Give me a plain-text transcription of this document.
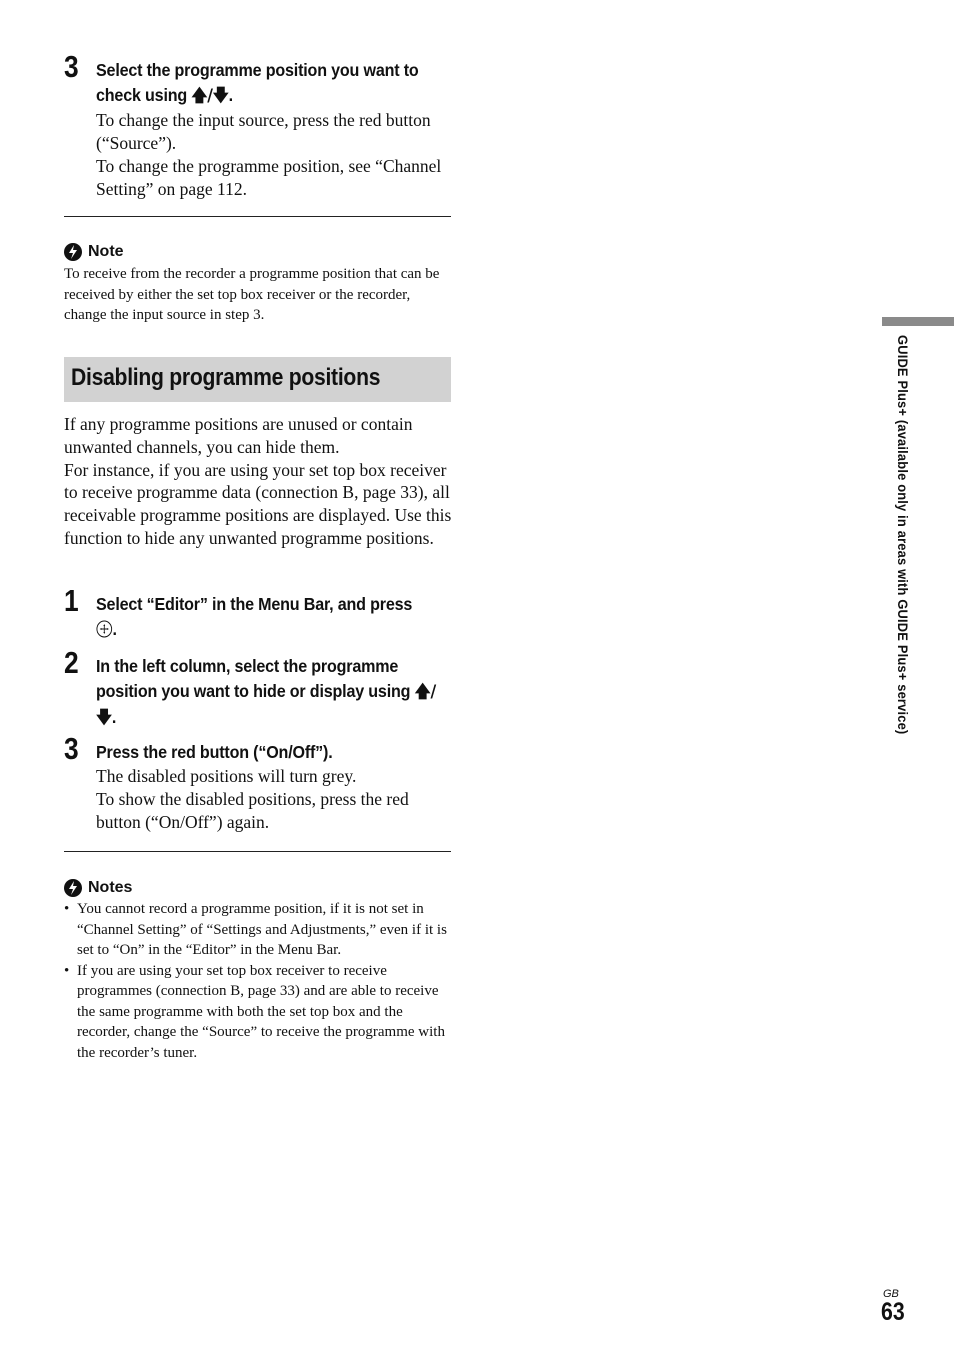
3 Select the programme position you want to check using 🡅/🡇.
To change the input source, press the red button (“Source”).
To change the programme position, see “Channel Setting” on page 112.
Note
To receive from the recorder a programme position that can be received by either the set top box receiver or the recorder, change the input source in step 3.
Disabling programme positions
If any programme positions are unused or contain unwanted channels, you can hide them.
For instance, if you are using your set top box receiver to receive programme data (connection B, page 33), all receivable programme positions are displayed. Use this function to hide any unwanted programme positions.
1 Select “Editor” in the Menu Bar, and press
.
2 In the left column, select the programme position you want to hide or display using 🡅/🡇.
3 Press the red button (“On/Off”).
The disabled positions will turn grey.
To show the disabled positions, press the red button (“On/Off”) again.
Notes
• You cannot record a programme position, if it is not set in “Channel Setting” of “Settings and Adjustments,” even if it is set to “On” in the “Editor” in the Menu Bar.
• If you are using your set top box receiver to receive programmes (connection B, page 33) and are able to receive the same programme with both the set top box and the recorder, change the “Source” to receive the programme with the recorder’s tuner.
GUIDE Plus+ (available only in areas with GUIDE Plus+ service)
GB
63
